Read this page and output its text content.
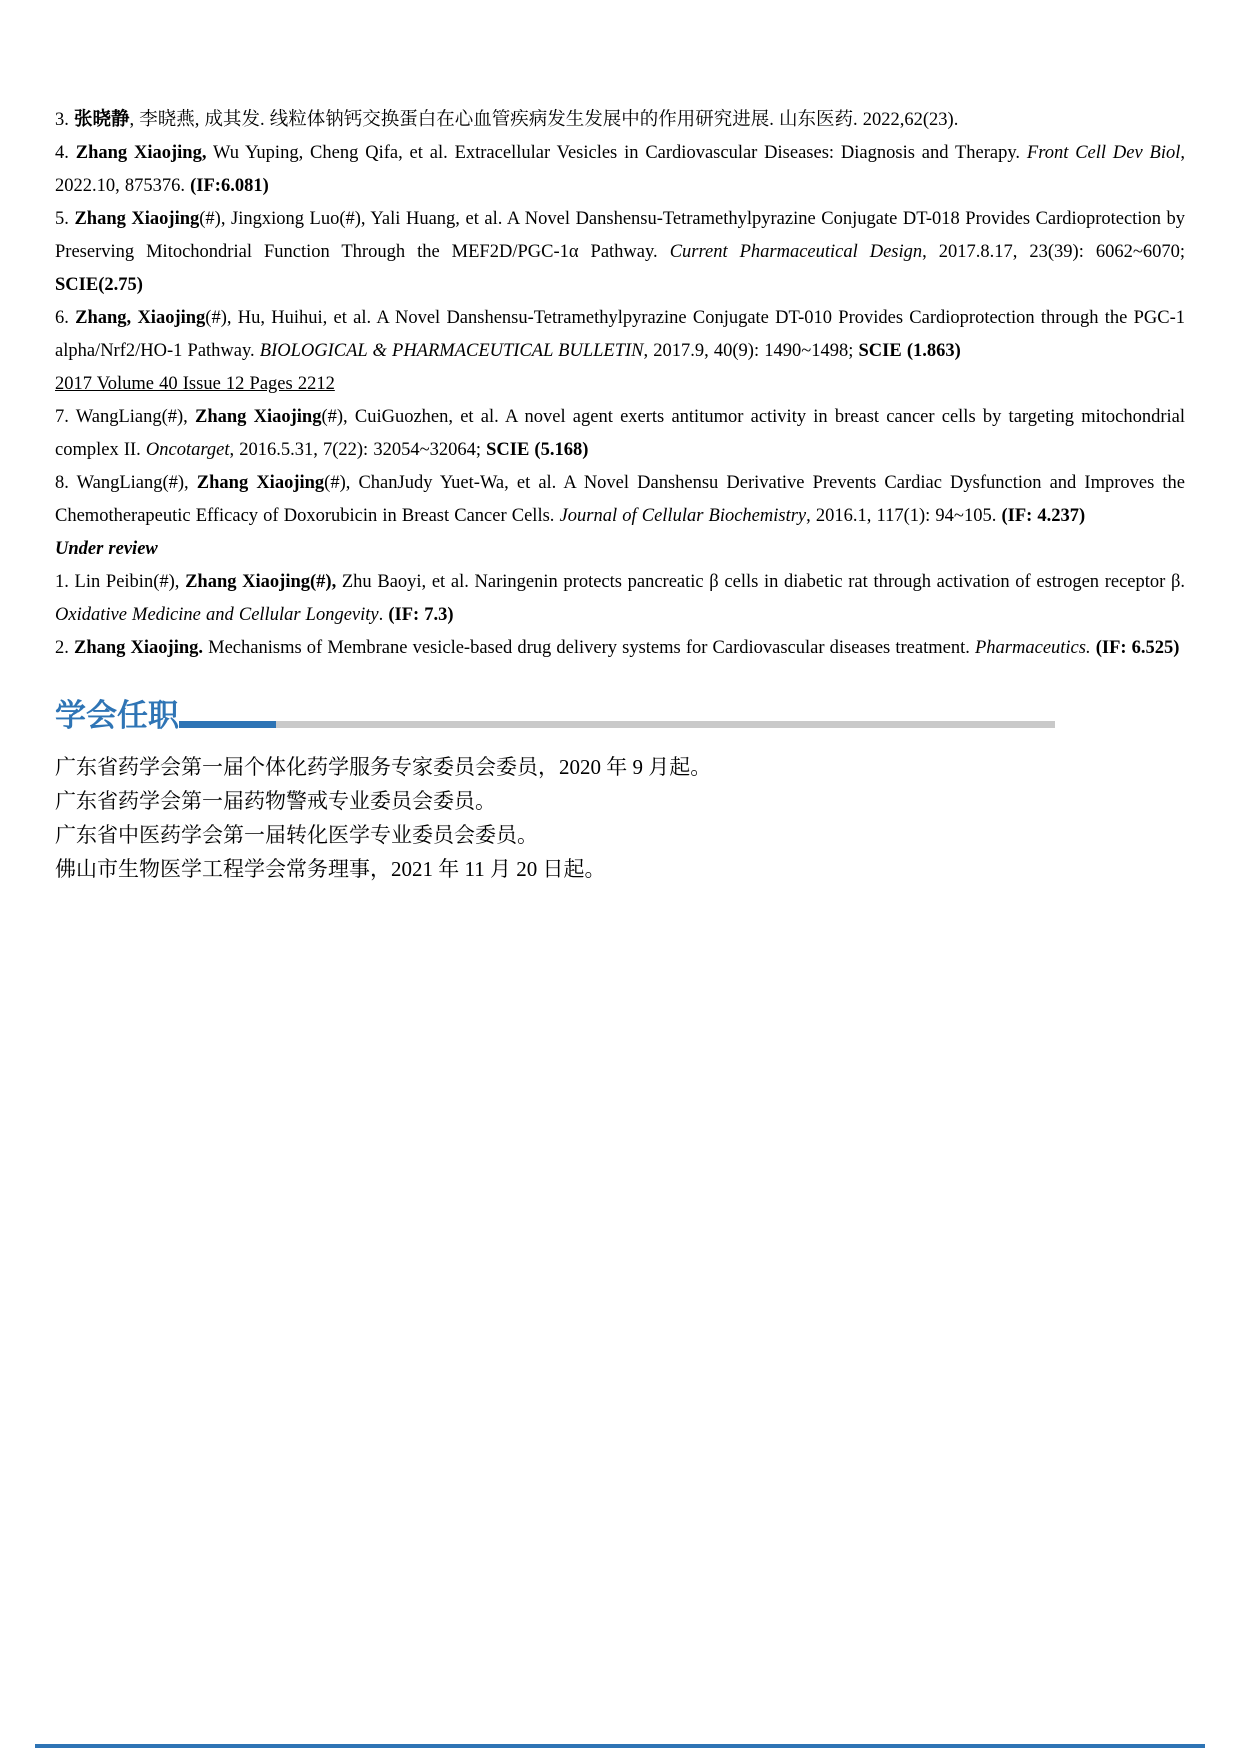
3. 张晓静, 李晓燕, 成其发. 线粒体钠钙交换蛋白在心血管疾病发生发展中的作用研究进展. 山东医药. 2022,62(23).

4. Zhang Xiaojing, Wu Yuping, Cheng Qifa, et al. Extracellular Vesicles in Cardiovascular Diseases: Diagnosis and Therapy. Front Cell Dev Biol, 2022.10, 875376. (IF:6.081)

5. Zhang Xiaojing(#), Jingxiong Luo(#), Yali Huang, et al. A Novel Danshensu-Tetramethylpyrazine Conjugate DT-018 Provides Cardioprotection by Preserving Mitochondrial Function Through the MEF2D/PGC-1α Pathway. Current Pharmaceutical Design, 2017.8.17, 23(39): 6062~6070; SCIE(2.75)

6. Zhang, Xiaojing(#), Hu, Huihui, et al. A Novel Danshensu-Tetramethylpyrazine Conjugate DT-010 Provides Cardioprotection through the PGC-1 alpha/Nrf2/HO-1 Pathway. BIOLOGICAL & PHARMACEUTICAL BULLETIN, 2017.9, 40(9): 1490~1498; SCIE (1.863)

2017 Volume 40 Issue 12 Pages 2212

7. WangLiang(#), Zhang Xiaojing(#), CuiGuozhen, et al. A novel agent exerts antitumor activity in breast cancer cells by targeting mitochondrial complex II. Oncotarget, 2016.5.31, 7(22): 32054~32064; SCIE (5.168)

8. WangLiang(#), Zhang Xiaojing(#), ChanJudy Yuet-Wa, et al. A Novel Danshensu Derivative Prevents Cardiac Dysfunction and Improves the Chemotherapeutic Efficacy of Doxorubicin in Breast Cancer Cells. Journal of Cellular Biochemistry, 2016.1, 117(1): 94~105. (IF: 4.237)

Under review

1. Lin Peibin(#), Zhang Xiaojing(#), Zhu Baoyi, et al. Naringenin protects pancreatic β cells in diabetic rat through activation of estrogen receptor β. Oxidative Medicine and Cellular Longevity. (IF: 7.3)

2. Zhang Xiaojing. Mechanisms of Membrane vesicle-based drug delivery systems for Cardiovascular diseases treatment. Pharmaceutics. (IF: 6.525)

学会任职

广东省药学会第一届个体化药学服务专家委员会委员，2020 年 9 月起。

广东省药学会第一届药物警戒专业委员会委员。

广东省中医药学会第一届转化医学专业委员会委员。

佛山市生物医学工程学会常务理事，2021 年 11 月 20 日起。
